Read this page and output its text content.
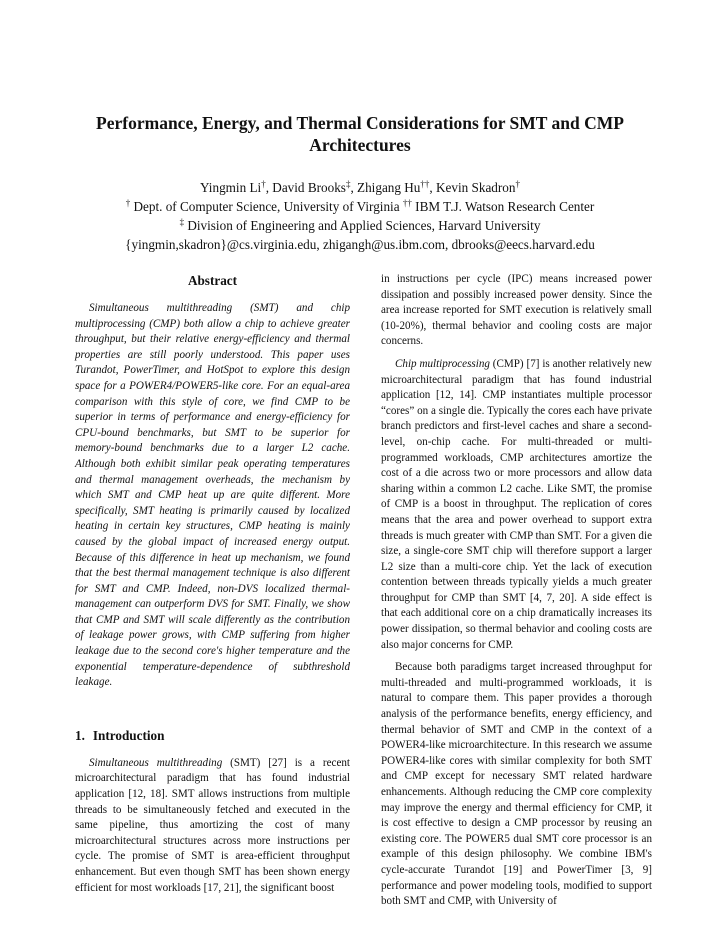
Performance, Energy, and Thermal Considerations for SMT and CMP Architectures
Yingmin Li†, David Brooks‡, Zhigang Hu††, Kevin Skadron†
† Dept. of Computer Science, University of Virginia †† IBM T.J. Watson Research Center
‡ Division of Engineering and Applied Sciences, Harvard University
{yingmin,skadron}@cs.virginia.edu, zhigangh@us.ibm.com, dbrooks@eecs.harvard.edu
Abstract

Simultaneous multithreading (SMT) and chip multiprocessing (CMP) both allow a chip to achieve greater throughput, but their relative energy-efficiency and thermal properties are still poorly understood. This paper uses Turandot, PowerTimer, and HotSpot to explore this design space for a POWER4/POWER5-like core. For an equal-area comparison with this style of core, we find CMP to be superior in terms of performance and energy-efficiency for CPU-bound benchmarks, but SMT to be superior for memory-bound benchmarks due to a larger L2 cache. Although both exhibit similar peak operating temperatures and thermal management overheads, the mechanism by which SMT and CMP heat up are quite different. More specifically, SMT heating is primarily caused by localized heating in certain key structures, CMP heating is mainly caused by the global impact of increased energy output. Because of this difference in heat up mechanism, we found that the best thermal management technique is also different for SMT and CMP. Indeed, non-DVS localized thermal-management can outperform DVS for SMT. Finally, we show that CMP and SMT will scale differently as the contribution of leakage power grows, with CMP suffering from higher leakage due to the second core's higher temperature and the exponential temperature-dependence of subthreshold leakage.

1. Introduction

Simultaneous multithreading (SMT) [27] is a recent microarchitectural paradigm that has found industrial application [12, 18]. SMT allows instructions from multiple threads to be simultaneously fetched and executed in the same pipeline, thus amortizing the cost of many microarchitectural structures across more instructions per cycle. The promise of SMT is area-efficient throughput enhancement. But even though SMT has been shown energy efficient for most workloads [17, 21], the significant boost

in instructions per cycle (IPC) means increased power dissipation and possibly increased power density. Since the area increase reported for SMT execution is relatively small (10-20%), thermal behavior and cooling costs are major concerns.

Chip multiprocessing (CMP) [7] is another relatively new microarchitectural paradigm that has found industrial application [12, 14]. CMP instantiates multiple processor “cores” on a single die. Typically the cores each have private branch predictors and first-level caches and share a second-level, on-chip cache. For multi-threaded or multi-programmed workloads, CMP architectures amortize the cost of a die across two or more processors and allow data sharing within a common L2 cache. Like SMT, the promise of CMP is a boost in throughput. The replication of cores means that the area and power overhead to support extra threads is much greater with CMP than SMT. For a given die size, a single-core SMT chip will therefore support a larger L2 size than a multi-core chip. Yet the lack of execution contention between threads typically yields a much greater throughput for CMP than SMT [4, 7, 20]. A side effect is that each additional core on a chip dramatically increases its power dissipation, so thermal behavior and cooling costs are also major concerns for CMP.

Because both paradigms target increased throughput for multi-threaded and multi-programmed workloads, it is natural to compare them. This paper provides a thorough analysis of the performance benefits, energy efficiency, and thermal behavior of SMT and CMP in the context of a POWER4-like microarchitecture. In this research we assume POWER4-like cores with similar complexity for both SMT and CMP except for necessary SMT related hardware enhancements. Although reducing the CMP core complexity may improve the energy and thermal efficiency for CMP, it is cost effective to design a CMP processor by reusing an existing core. The POWER5 dual SMT core processor is an example of this design philosophy. We combine IBM's cycle-accurate Turandot [19] and PowerTimer [3, 9] performance and power modeling tools, modified to support both SMT and CMP, with University of
